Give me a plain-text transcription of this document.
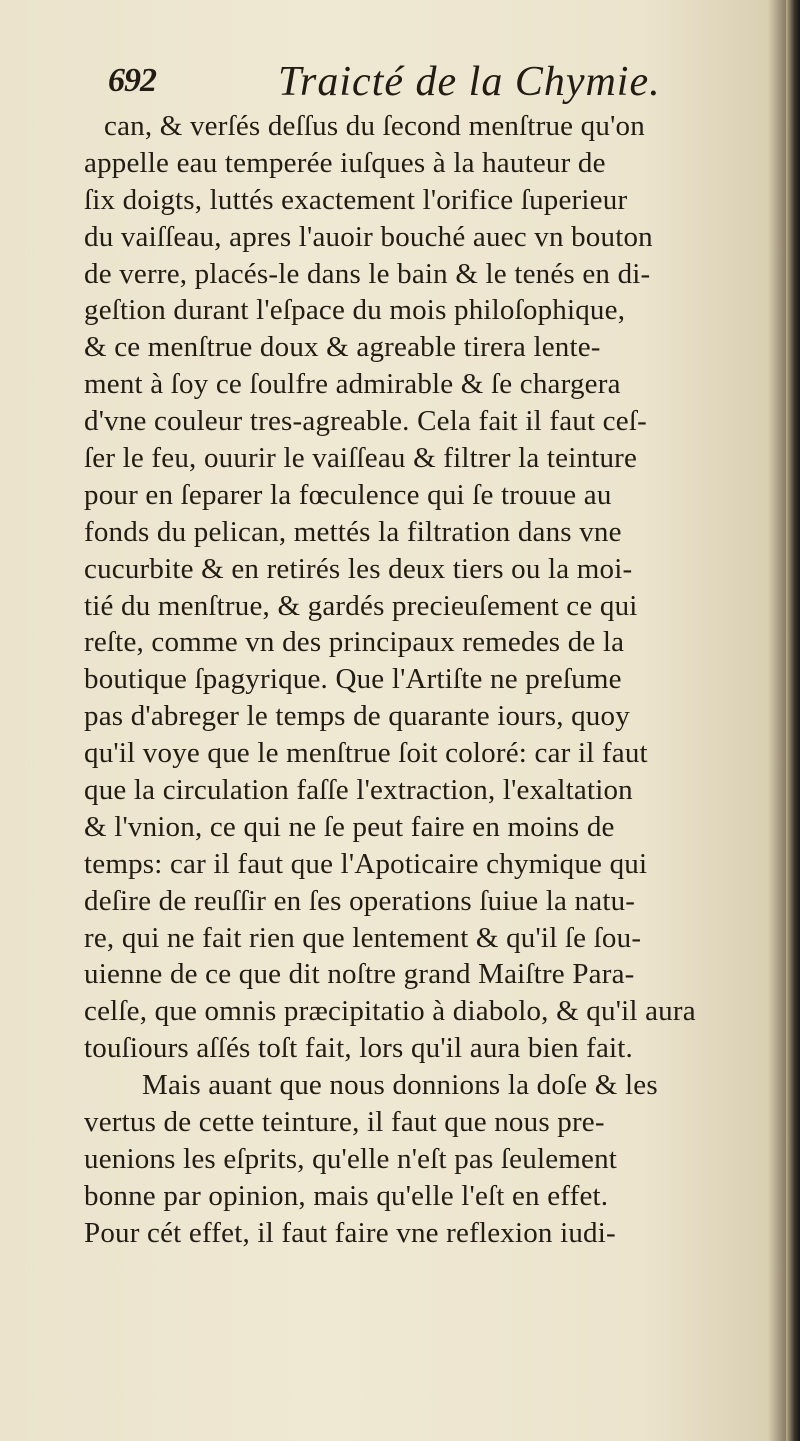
692	Traicté de la Chymie.
can, & verſés deſſus du ſecond menſtrue qu'on
appelle eau temperée iuſques à la hauteur de
ſix doigts, luttés exactement l'orifice ſuperieur
du vaiſſeau, apres l'auoir bouché auec vn bouton
de verre, placés-le dans le bain & le tenés en di-
geſtion durant l'eſpace du mois philoſophique,
& ce menſtrue doux & agreable tirera lente-
ment à ſoy ce ſoulfre admirable & ſe chargera
d'vne couleur tres-agreable. Cela fait il faut ceſ-
ſer le feu, ouurir le vaiſſeau & filtrer la teinture
pour en ſeparer la fœculence qui ſe trouue au
fonds du pelican, mettés la filtration dans vne
cucurbite & en retirés les deux tiers ou la moi-
tié du menſtrue, & gardés precieuſement ce qui
reſte, comme vn des principaux remedes de la
boutique ſpagyrique. Que l'Artiſte ne preſume
pas d'abreger le temps de quarante iours, quoy
qu'il voye que le menſtrue ſoit coloré: car il faut
que la circulation faſſe l'extraction, l'exaltation
& l'vnion, ce qui ne ſe peut faire en moins de
temps: car il faut que l'Apoticaire chymique qui
deſire de reuſſir en ſes operations ſuiue la natu-
re, qui ne fait rien que lentement & qu'il ſe ſou-
uienne de ce que dit noſtre grand Maiſtre Para-
celſe, que omnis præcipitatio à diabolo, & qu'il aura
touſiours aſſés toſt fait, lors qu'il aura bien fait.
Mais auant que nous donnions la doſe & les
vertus de cette teinture, il faut que nous pre-
uenions les eſprits, qu'elle n'eſt pas ſeulement
bonne par opinion, mais qu'elle l'eſt en effet.
Pour cét effet, il faut faire vne reflexion iudi-
